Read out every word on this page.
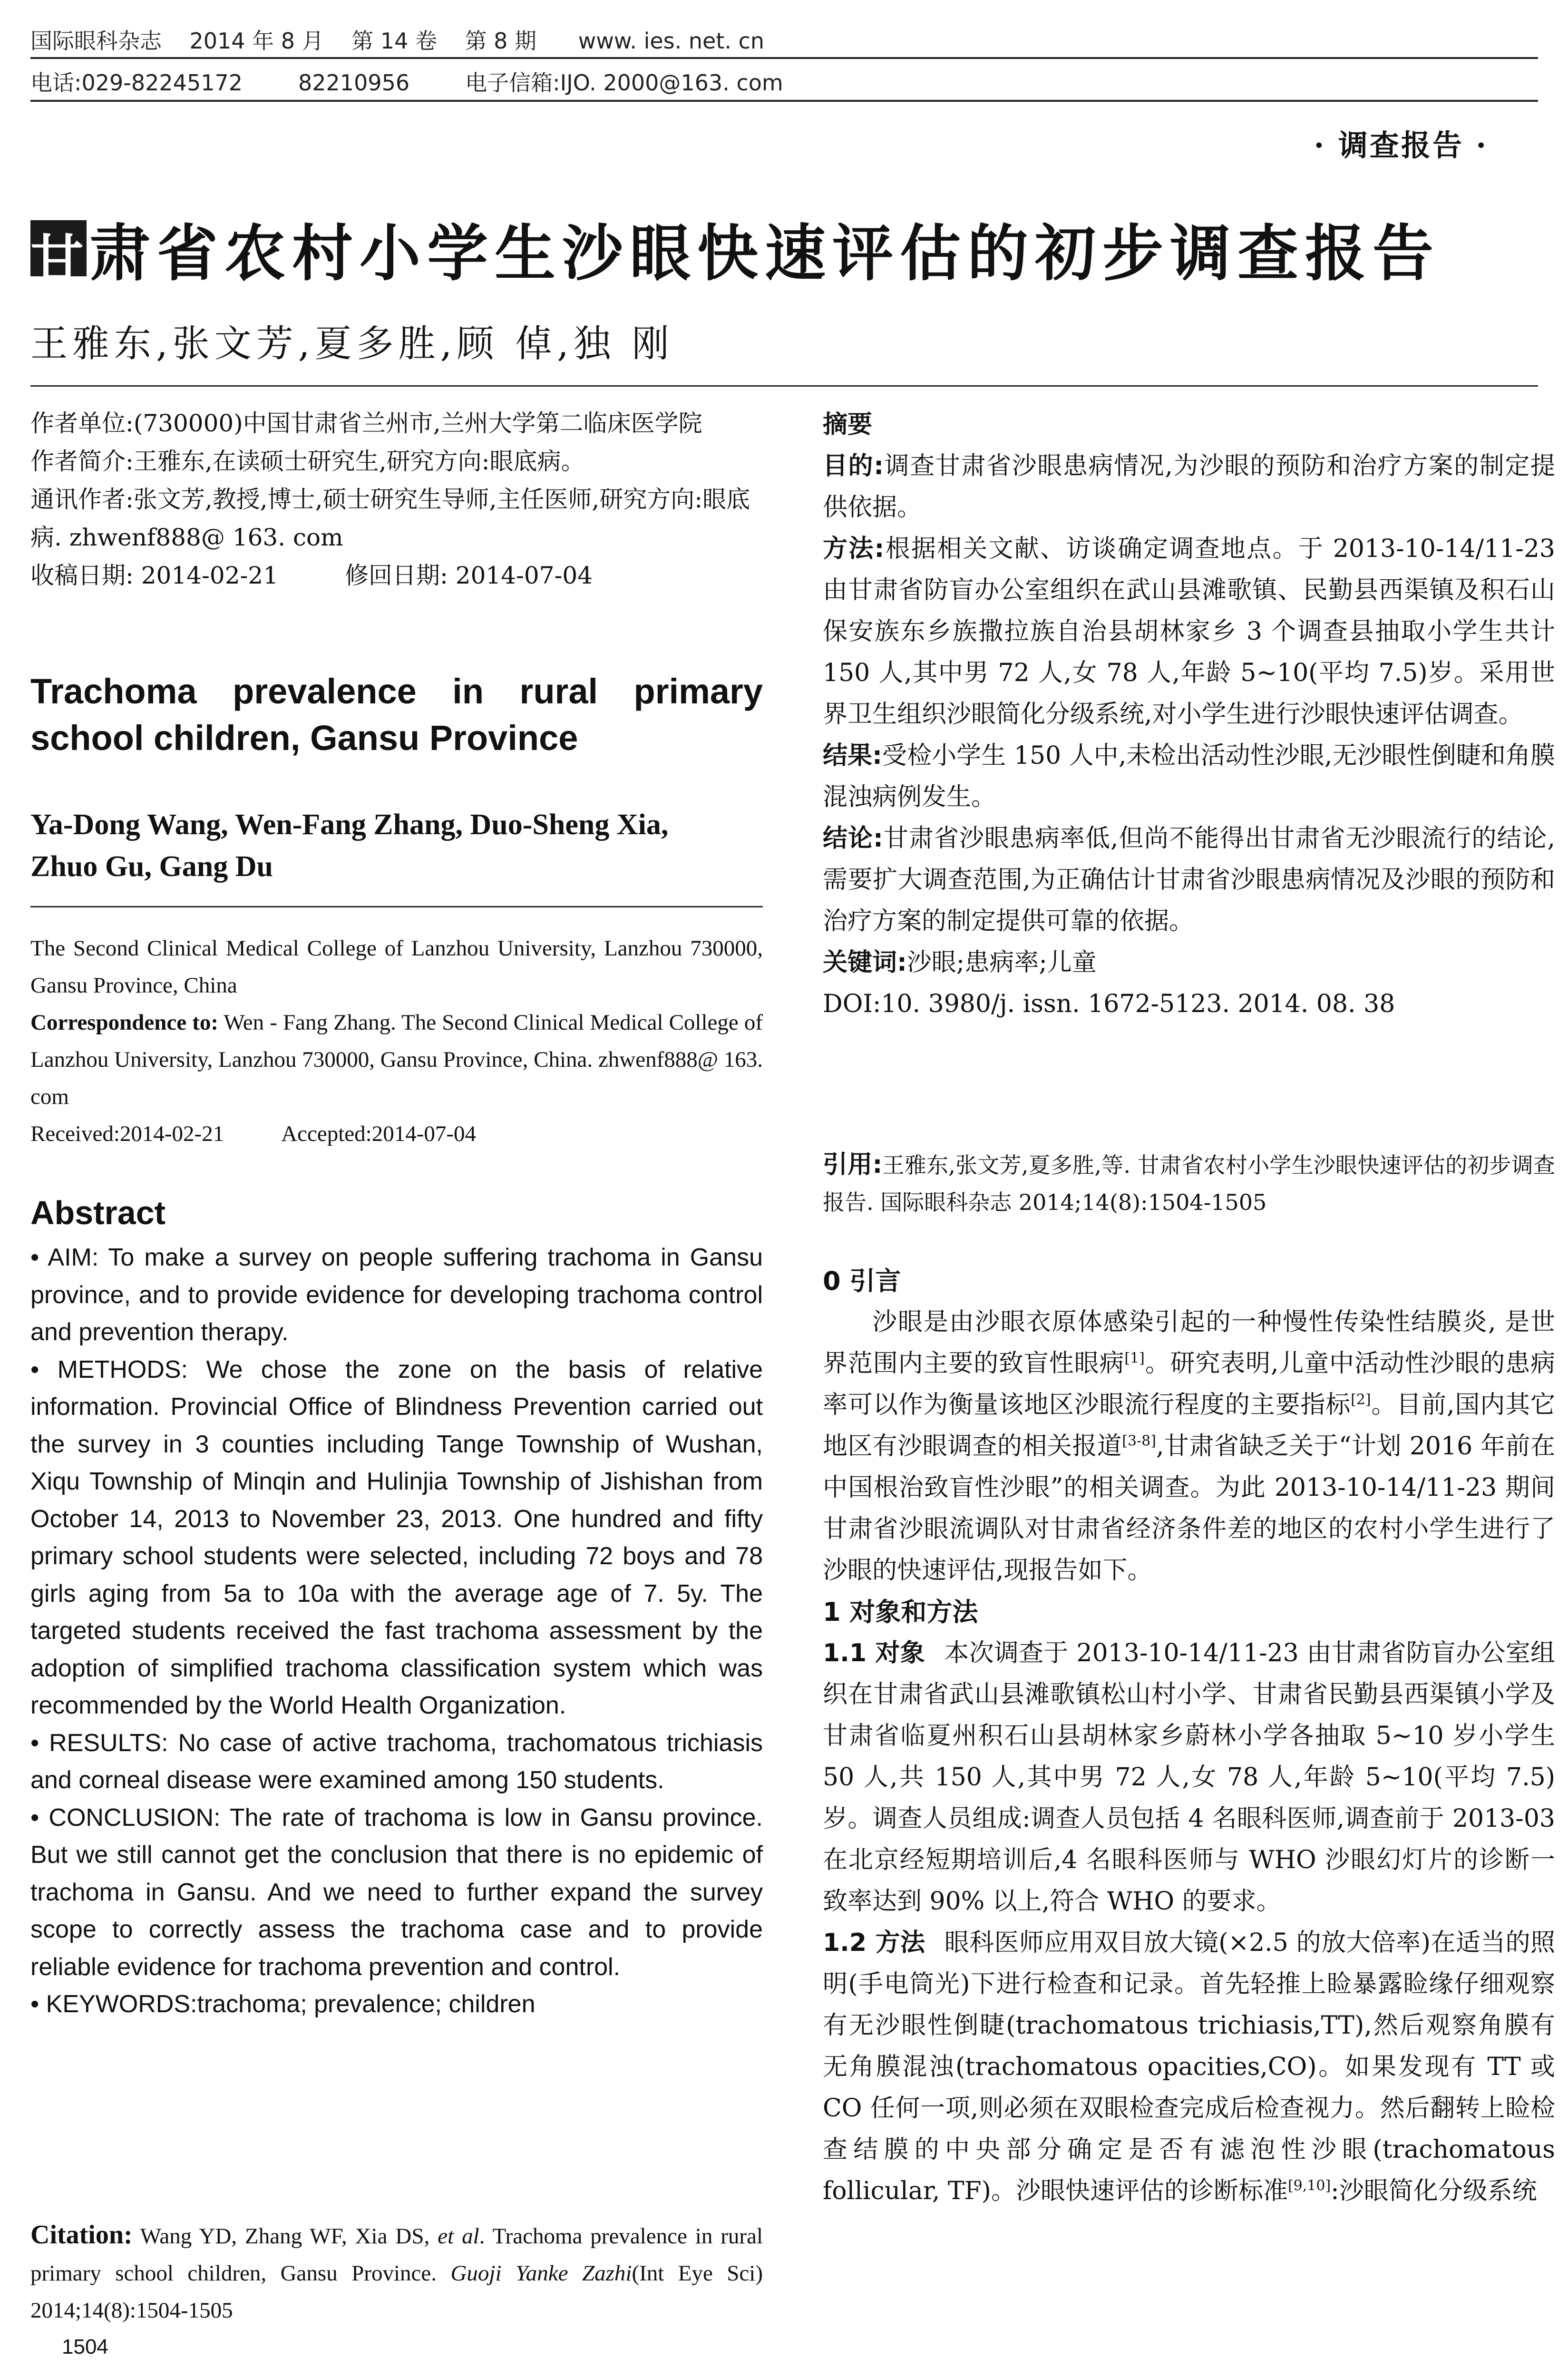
国际眼科杂志    2014 年 8 月    第 14 卷    第 8 期      www. ies. net. cn
电话:029-82245172        82210956        电子信箱:IJO. 2000@163. com
· 调查报告 ·
甘
肃省农村小学生沙眼快速评估的初步调查报告
王雅东,张文芳,夏多胜,顾 倬,独 刚

作者单位:(730000)中国甘肃省兰州市,兰州大学第二临床医学院

作者简介:王雅东,在读硕士研究生,研究方向:眼底病。

通讯作者:张文芳,教授,博士,硕士研究生导师,主任医师,研究方向:眼底病. zhwenf888@ 163. com

收稿日期: 2014-02-21	修回日期: 2014-07-04

Trachoma prevalence in rural primary
school children, Gansu Province
Ya-Dong Wang, Wen-Fang Zhang, Duo-Sheng Xia,
Zhuo Gu, Gang Du

The Second Clinical Medical College of Lanzhou University, Lanzhou 730000, Gansu Province, China

Correspondence to: Wen - Fang Zhang. The Second Clinical Medical College of Lanzhou University, Lanzhou 730000, Gansu Province, China. zhwenf888@ 163. com

Received:2014-02-21	Accepted:2014-07-04

Abstract

• AIM: To make a survey on people suffering trachoma in Gansu province, and to provide evidence for developing trachoma control and prevention therapy.

• METHODS: We chose the zone on the basis of relative information. Provincial Office of Blindness Prevention carried out the survey in 3 counties including Tange Township of Wushan, Xiqu Township of Minqin and Hulinjia Township of Jishishan from October 14, 2013 to November 23, 2013. One hundred and fifty primary school students were selected, including 72 boys and 78 girls aging from 5a to 10a with the average age of 7. 5y. The targeted students received the fast trachoma assessment by the adoption of simplified trachoma classification system which was recommended by the World Health Organization.

• RESULTS: No case of active trachoma, trachomatous trichiasis and corneal disease were examined among 150 students.

• CONCLUSION: The rate of trachoma is low in Gansu province. But we still cannot get the conclusion that there is no epidemic of trachoma in Gansu. And we need to further expand the survey scope to correctly assess the trachoma case and to provide reliable evidence for trachoma prevention and control.

• KEYWORDS:trachoma; prevalence; children

Citation: Wang YD, Zhang WF, Xia DS, et al. Trachoma prevalence in rural primary school children, Gansu Province. Guoji Yanke Zazhi(Int Eye Sci) 2014;14(8):1504-1505
1504

摘要

目的:调查甘肃省沙眼患病情况,为沙眼的预防和治疗方案的制定提供依据。

方法:根据相关文献、访谈确定调查地点。于 2013-10-14/11-23 由甘肃省防盲办公室组织在武山县滩歌镇、民勤县西渠镇及积石山保安族东乡族撒拉族自治县胡林家乡 3 个调查县抽取小学生共计 150 人,其中男 72 人,女 78 人,年龄 5~10(平均 7.5)岁。采用世界卫生组织沙眼简化分级系统,对小学生进行沙眼快速评估调查。

结果:受检小学生 150 人中,未检出活动性沙眼,无沙眼性倒睫和角膜混浊病例发生。

结论:甘肃省沙眼患病率低,但尚不能得出甘肃省无沙眼流行的结论,需要扩大调查范围,为正确估计甘肃省沙眼患病情况及沙眼的预防和治疗方案的制定提供可靠的依据。

关键词:沙眼;患病率;儿童

DOI:10. 3980/j. issn. 1672-5123. 2014. 08. 38

引用:王雅东,张文芳,夏多胜,等. 甘肃省农村小学生沙眼快速评估的初步调查报告. 国际眼科杂志 2014;14(8):1504-1505

0 引言

沙眼是由沙眼衣原体感染引起的一种慢性传染性结膜炎, 是世界范围内主要的致盲性眼病[1]。研究表明,儿童中活动性沙眼的患病率可以作为衡量该地区沙眼流行程度的主要指标[2]。目前,国内其它地区有沙眼调查的相关报道[3-8],甘肃省缺乏关于“计划 2016 年前在中国根治致盲性沙眼”的相关调查。为此 2013-10-14/11-23 期间甘肃省沙眼流调队对甘肃省经济条件差的地区的农村小学生进行了沙眼的快速评估,现报告如下。

1 对象和方法

1.1 对象 本次调查于 2013-10-14/11-23 由甘肃省防盲办公室组织在甘肃省武山县滩歌镇松山村小学、甘肃省民勤县西渠镇小学及甘肃省临夏州积石山县胡林家乡蔚林小学各抽取 5~10 岁小学生 50 人,共 150 人,其中男 72 人,女 78 人,年龄 5~10(平均 7.5)岁。调查人员组成:调查人员包括 4 名眼科医师,调查前于 2013-03 在北京经短期培训后,4 名眼科医师与 WHO 沙眼幻灯片的诊断一致率达到 90% 以上,符合 WHO 的要求。

1.2 方法 眼科医师应用双目放大镜(×2.5 的放大倍率)在适当的照明(手电筒光)下进行检查和记录。首先轻推上睑暴露睑缘仔细观察有无沙眼性倒睫(trachomatous trichiasis,TT),然后观察角膜有无角膜混浊(trachomatous opacities,CO)。如果发现有 TT 或 CO 任何一项,则必须在双眼检查完成后检查视力。然后翻转上睑检查结膜的中央部分确定是否有滤泡性沙眼(trachomatous follicular, TF)。沙眼快速评估的诊断标准[9,10]:沙眼简化分级系统
